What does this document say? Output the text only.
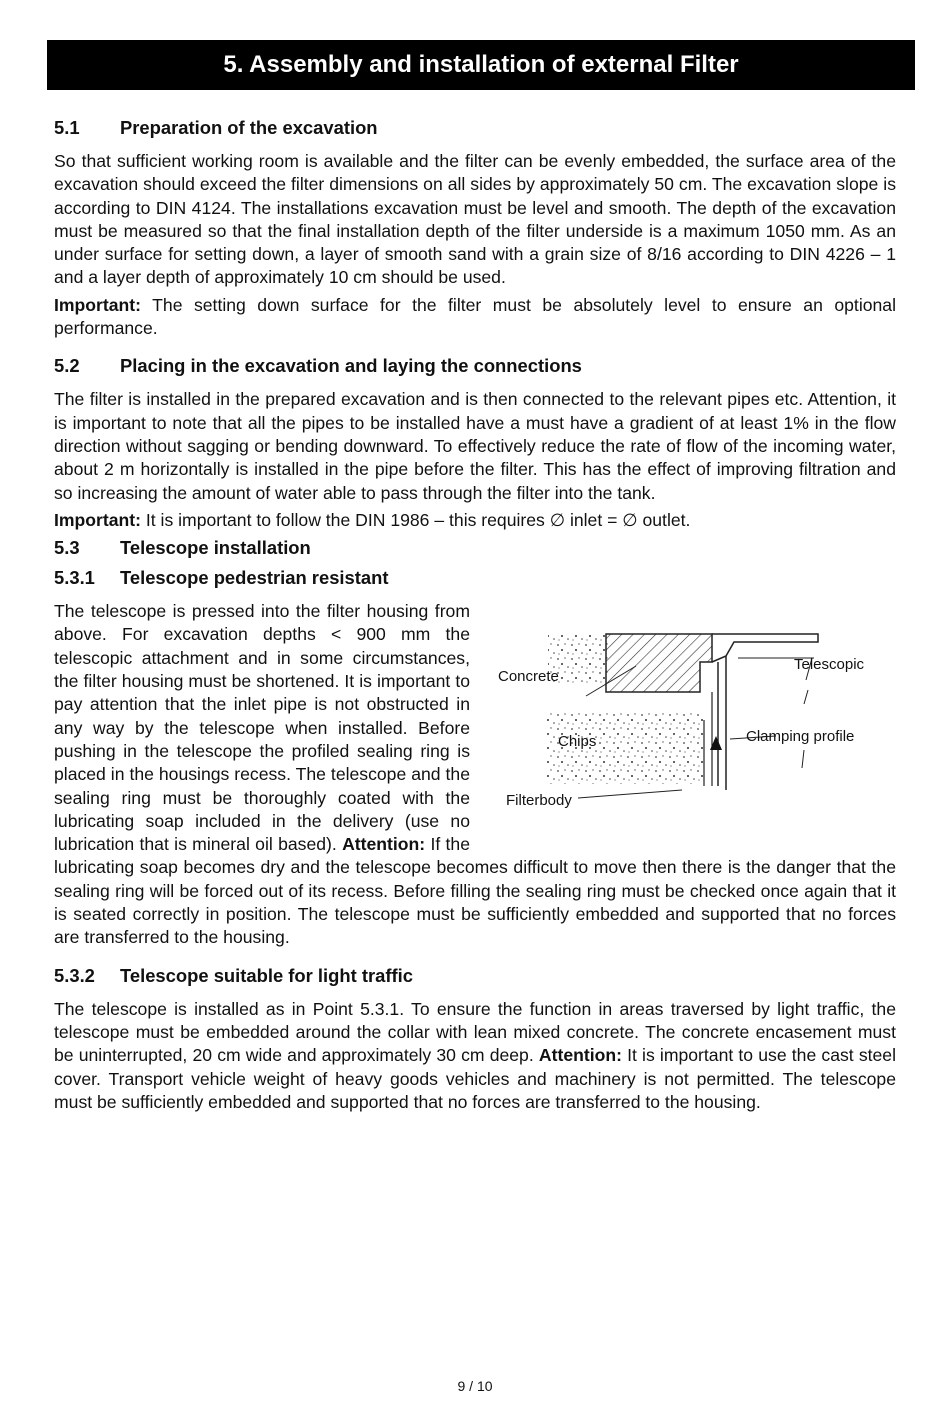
5. Assembly and installation of external Filter
5.1 Preparation of the excavation

So that sufficient working room is available and the filter can be evenly embedded, the surface area of the excavation should exceed the filter dimensions on all sides by approximately 50 cm. The excavation slope is according to DIN 4124. The installations excavation must be level and smooth. The depth of the excavation must be measured so that the final installation depth of the filter underside is a maximum 1050 mm. As an under surface for setting down, a layer of smooth sand with a grain size of 8/16 according to DIN 4226 – 1 and a layer depth of approximately 10 cm should be used.

Important: The setting down surface for the filter must be absolutely level to ensure an optional performance.

5.2 Placing in the excavation and laying the connections

The filter is installed in the prepared excavation and is then connected to the relevant pipes etc. Attention, it is important to note that all the pipes to be installed have a must have a gradient of at least 1% in the flow direction without sagging or bending downward. To effectively reduce the rate of flow of the incoming water, about 2 m horizontally is installed in the pipe before the filter. This has the effect of improving filtration and so increasing the amount of water able to pass through the filter into the tank.

Important: It is important to follow the DIN 1986 – this requires ∅ inlet = ∅ outlet.

5.3 Telescope installation
5.3.1 Telescope pedestrian resistant
Concrete
Telescopic
Chips	Clamping profile
Filterbody

The telescope is pressed into the filter housing from above. For excavation depths < 900 mm the telescopic attachment and in some circumstances, the filter housing must be shortened. It is important to pay attention that the inlet pipe is not obstructed in any way by the telescope when installed. Before pushing in the telescope the profiled sealing ring is placed in the housings recess. The telescope and the sealing ring must be thoroughly coated with the lubricating soap included in the delivery (use no lubrication that is mineral oil based). Attention: If the lubricating soap becomes dry and the telescope becomes difficult to move then there is the danger that the sealing ring will be forced out of its recess. Before filling the sealing ring must be checked once again that it is seated correctly in position. The telescope must be sufficiently embedded and supported that no forces are transferred to the housing.

5.3.2 Telescope suitable for light traffic

The telescope is installed as in Point 5.3.1. To ensure the function in areas traversed by light traffic, the telescope must be embedded around the collar with lean mixed concrete. The concrete encasement must be uninterrupted, 20 cm wide and approximately 30 cm deep. Attention: It is important to use the cast steel cover. Transport vehicle weight of heavy goods vehicles and machinery is not permitted. The telescope must be sufficiently embedded and supported that no forces are transferred to the housing.

9 / 10
